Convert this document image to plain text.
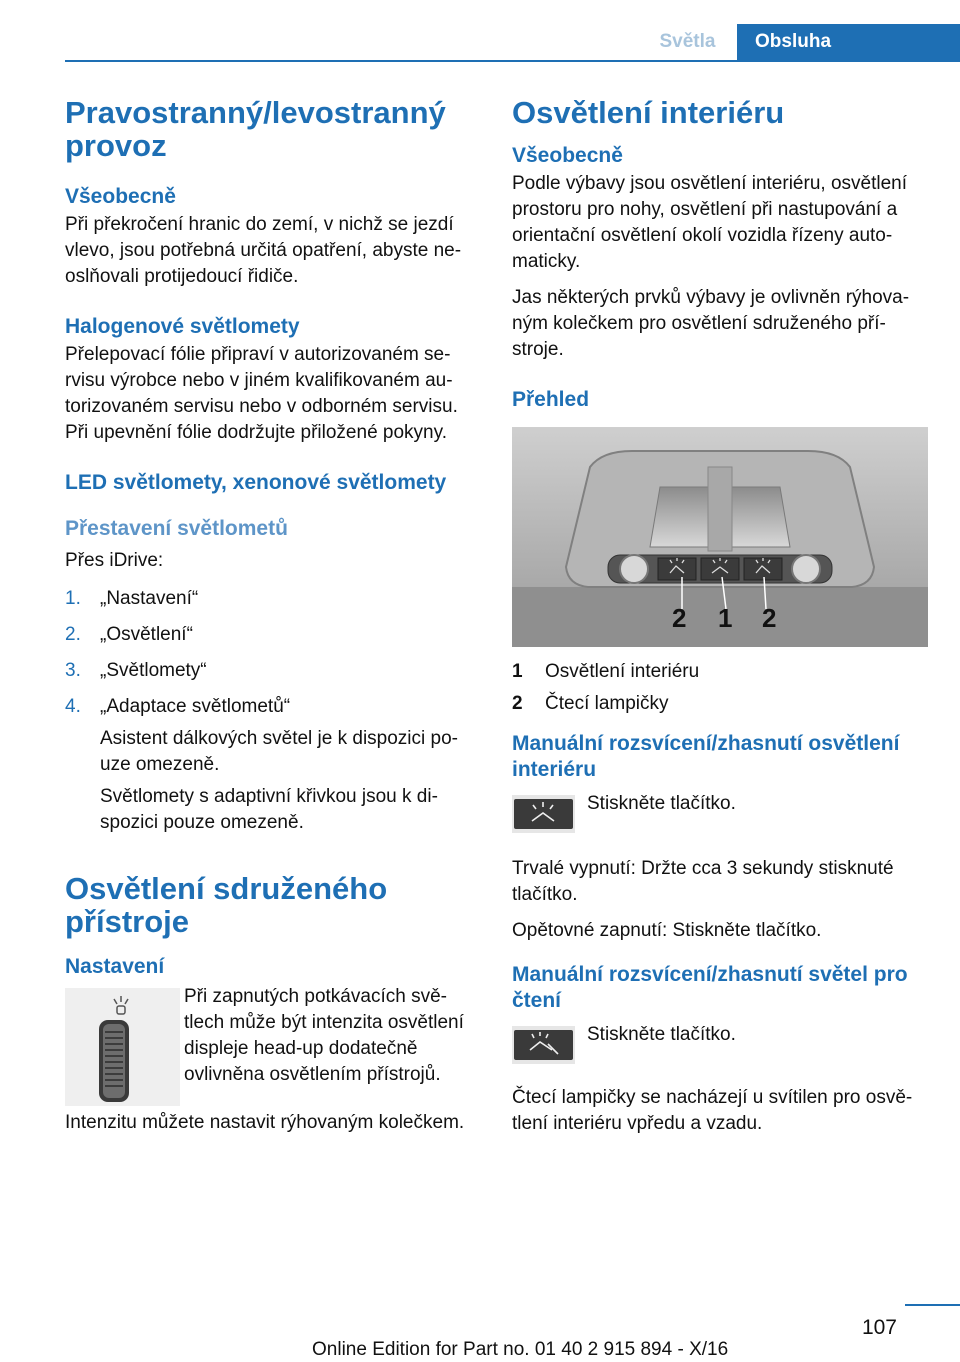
Světla	Obsluha
Pravostranný/levostranný provoz
Všeobecně

Při překročení hranic do zemí, v nichž se jezdí vlevo, jsou potřebná určitá opatření, abyste neoslňovali protijedoucí řidiče.

Halogenové světlomety

Přelepovací fólie připraví v autorizovaném servisu výrobce nebo v jiném kvalifikovaném autorizovaném servisu nebo v odborném servisu. Při upevnění fólie dodržujte přiložené pokyny.

LED světlomety, xenonové světlomety
Přestavení světlometů

Přes iDrive:

1. „Nastavení“
2. „Osvětlení“
3. „Světlomety“
4. „Adaptace světlometů“
Asistent dálkových světel je k dispozici pouze omezeně.
Světlomety s adaptivní křivkou jsou k dispozici pouze omezeně.
Osvětlení sdruženého přístroje
Nastavení
Při zapnutých potkávacích světlech může být intenzita osvětlení displeje head-up dodatečně ovlivněna osvětlením přístrojů.

Intenzitu můžete nastavit rýhovaným kolečkem.

Osvětlení interiéru
Všeobecně

Podle výbavy jsou osvětlení interiéru, osvětlení prostoru pro nohy, osvětlení při nastupování a orientační osvětlení okolí vozidla řízeny automaticky.

Jas některých prvků výbavy je ovlivněn rýhovaným kolečkem pro osvětlení sdruženého přístroje.

Přehled
2 1 2
1	Osvětlení interiéru
2	Čtecí lampičky
Manuální rozsvícení/zhasnutí osvětlení interiéru
Stiskněte tlačítko.

Trvalé vypnutí: Držte cca 3 sekundy stisknuté tlačítko.

Opětovné zapnutí: Stiskněte tlačítko.

Manuální rozsvícení/zhasnutí světel pro čtení
Stiskněte tlačítko.

Čtecí lampičky se nacházejí u svítilen pro osvětlení interiéru vpředu a vzadu.

107
Online Edition for Part no. 01 40 2 915 894 - X/16
